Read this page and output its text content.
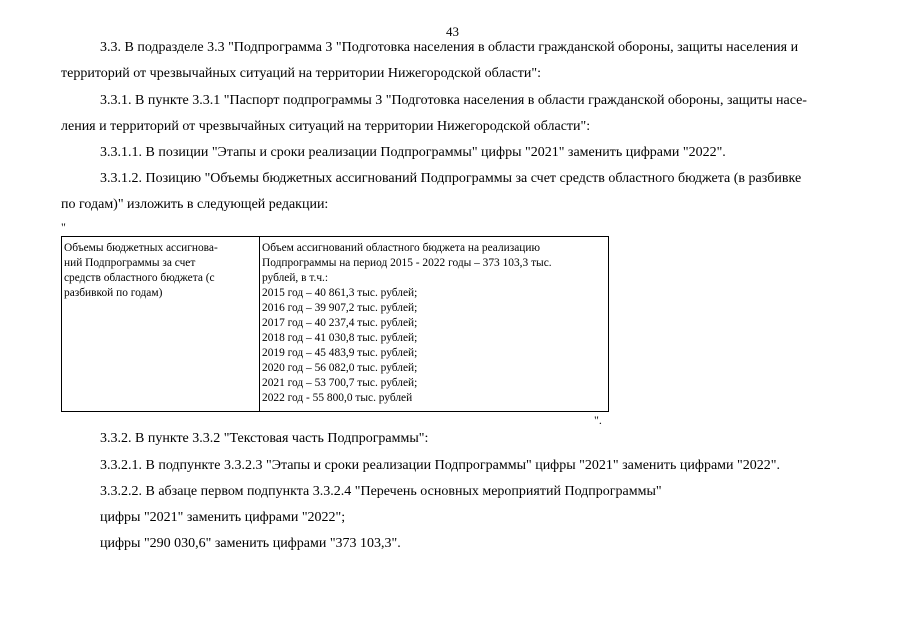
43
3.3. В подразделе 3.3 "Подпрограмма 3 "Подготовка населения в области гражданской обороны, защиты населения и
территорий от чрезвычайных ситуаций на территории Нижегородской области":
3.3.1. В пункте 3.3.1 "Паспорт подпрограммы 3 "Подготовка населения в области гражданской обороны, защиты насе-
ления и территорий от чрезвычайных ситуаций на территории Нижегородской области":
3.3.1.1. В позиции "Этапы и сроки реализации Подпрограммы" цифры "2021" заменить цифрами "2022".
3.3.1.2. Позицию "Объемы бюджетных ассигнований Подпрограммы за счет средств областного бюджета (в разбивке
по годам)" изложить в следующей редакции:
"
Объемы бюджетных ассигнова-
ний Подпрограммы за счет
средств областного бюджета (с
разбивкой по годам)

Объем ассигнований областного бюджета на реализацию
Подпрограммы на период 2015 - 2022 годы – 373 103,3 тыс.
рублей, в т.ч.:
2015 год – 40 861,3 тыс. рублей;
2016 год – 39 907,2 тыс. рублей;
2017 год – 40 237,4 тыс. рублей;
2018 год – 41 030,8 тыс. рублей;
2019 год – 45 483,9 тыс. рублей;
2020 год – 56 082,0 тыс. рублей;
2021 год – 53 700,7 тыс. рублей;
2022 год - 55 800,0 тыс. рублей
".
3.3.2. В пункте 3.3.2 "Текстовая часть Подпрограммы":
3.3.2.1. В подпункте 3.3.2.3 "Этапы и сроки реализации Подпрограммы" цифры "2021" заменить цифрами "2022".
3.3.2.2. В абзаце первом подпункта 3.3.2.4 "Перечень основных мероприятий Подпрограммы"
цифры "2021" заменить цифрами "2022";
цифры "290 030,6" заменить цифрами "373 103,3".
